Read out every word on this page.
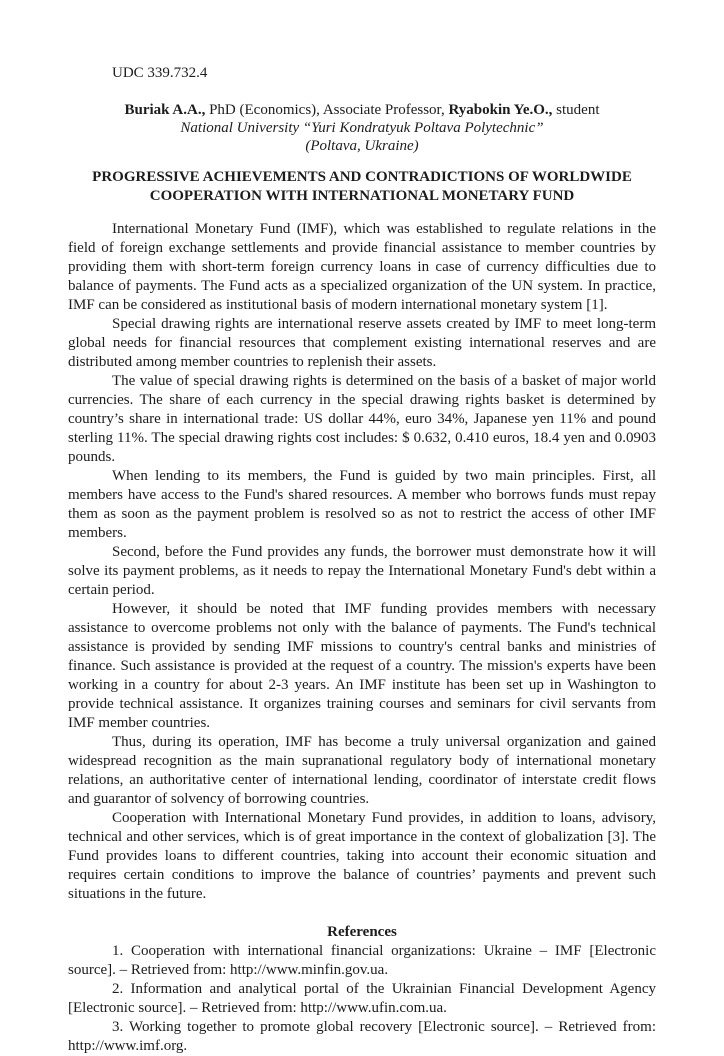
UDC 339.732.4

Buriak A.A., PhD (Economics), Associate Professor, Ryabokin Ye.O., student

National University “Yuri Kondratyuk Poltava Polytechnic”

(Poltava, Ukraine)

PROGRESSIVE ACHIEVEMENTS AND CONTRADICTIONS OF WORLDWIDE COOPERATION WITH INTERNATIONAL MONETARY FUND

International Monetary Fund (IMF), which was established to regulate relations in the field of foreign exchange settlements and provide financial assistance to member countries by providing them with short-term foreign currency loans in case of currency difficulties due to balance of payments. The Fund acts as a specialized organization of the UN system. In practice, IMF can be considered as institutional basis of modern international monetary system [1].

Special drawing rights are international reserve assets created by IMF to meet long-term global needs for financial resources that complement existing international reserves and are distributed among member countries to replenish their assets.

The value of special drawing rights is determined on the basis of a basket of major world currencies. The share of each currency in the special drawing rights basket is determined by country’s share in international trade: US dollar 44%, euro 34%, Japanese yen 11% and pound sterling 11%. The special drawing rights cost includes: $ 0.632, 0.410 euros, 18.4 yen and 0.0903 pounds.

When lending to its members, the Fund is guided by two main principles. First, all members have access to the Fund's shared resources. A member who borrows funds must repay them as soon as the payment problem is resolved so as not to restrict the access of other IMF members.

Second, before the Fund provides any funds, the borrower must demonstrate how it will solve its payment problems, as it needs to repay the International Monetary Fund's debt within a certain period.

However, it should be noted that IMF funding provides members with necessary assistance to overcome problems not only with the balance of payments. The Fund's technical assistance is provided by sending IMF missions to country's central banks and ministries of finance. Such assistance is provided at the request of a country. The mission's experts have been working in a country for about 2-3 years. An IMF institute has been set up in Washington to provide technical assistance. It organizes training courses and seminars for civil servants from IMF member countries.

Thus, during its operation, IMF has become a truly universal organization and gained widespread recognition as the main supranational regulatory body of international monetary relations, an authoritative center of international lending, coordinator of interstate credit flows and guarantor of solvency of borrowing countries.

Cooperation with International Monetary Fund provides, in addition to loans, advisory, technical and other services, which is of great importance in the context of globalization [3]. The Fund provides loans to different countries, taking into account their economic situation and requires certain conditions to improve the balance of countries’ payments and prevent such situations in the future.

References

1. Cooperation with international financial organizations: Ukraine – IMF [Electronic source]. – Retrieved from: http://www.minfin.gov.ua.

2. Information and analytical portal of the Ukrainian Financial Development Agency [Electronic source]. – Retrieved from: http://www.ufin.com.ua.

3. Working together to promote global recovery [Electronic source]. – Retrieved from: http://www.imf.org.
